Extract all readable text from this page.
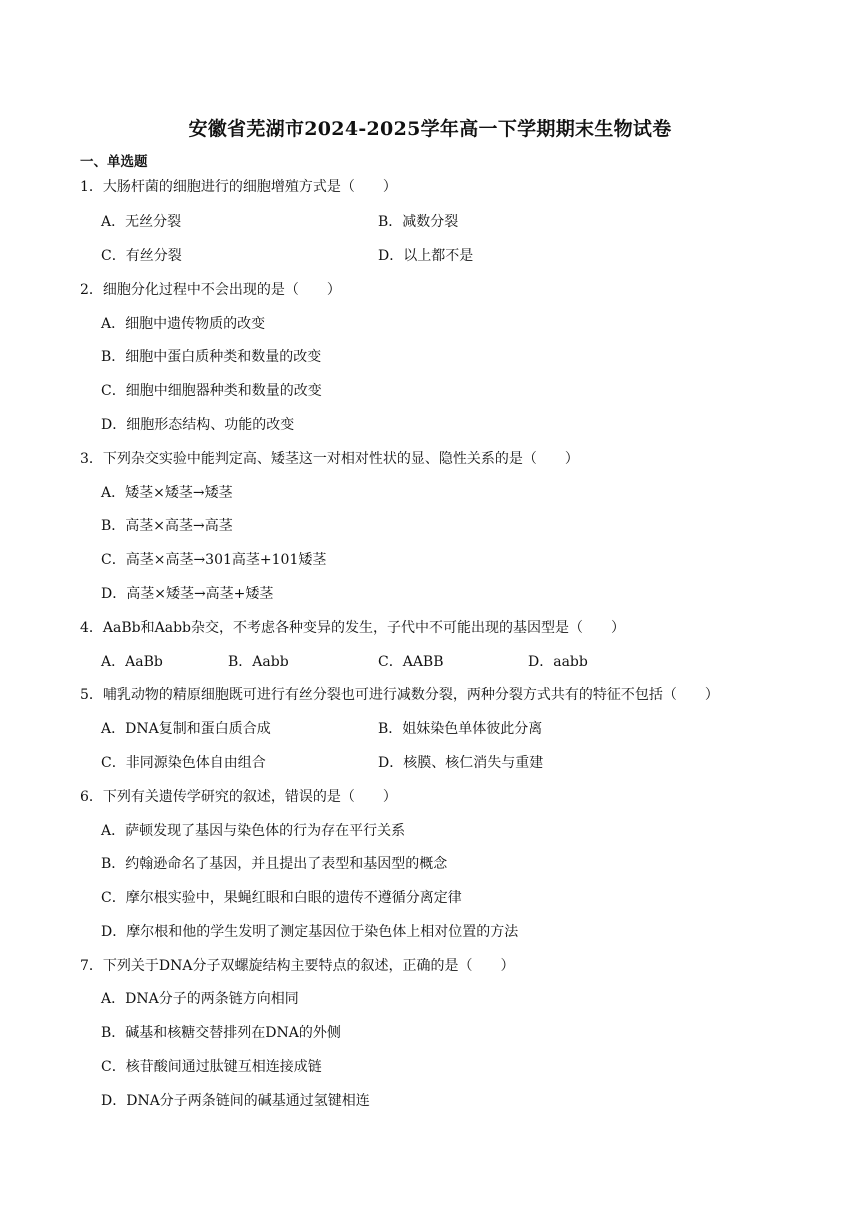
安徽省芜湖市2024-2025学年高一下学期期末生物试卷
一、单选题
1．大肠杆菌的细胞进行的细胞增殖方式是（　　）
A．无丝分裂	B．减数分裂
C．有丝分裂	D．以上都不是
2．细胞分化过程中不会出现的是（　　）
A．细胞中遗传物质的改变
B．细胞中蛋白质种类和数量的改变
C．细胞中细胞器种类和数量的改变
D．细胞形态结构、功能的改变
3．下列杂交实验中能判定高、矮茎这一对相对性状的显、隐性关系的是（　　）
A．矮茎×矮茎→矮茎
B．高茎×高茎→高茎
C．高茎×高茎→301高茎+101矮茎
D．高茎×矮茎→高茎+矮茎
4．AaBb和Aabb杂交，不考虑各种变异的发生，子代中不可能出现的基因型是（　　）
A．AaBb	B．Aabb	C．AABB	D．aabb
5．哺乳动物的精原细胞既可进行有丝分裂也可进行减数分裂，两种分裂方式共有的特征不包括（　　）
A．DNA复制和蛋白质合成	B．姐妹染色单体彼此分离
C．非同源染色体自由组合	D．核膜、核仁消失与重建
6．下列有关遗传学研究的叙述，错误的是（　　）
A．萨顿发现了基因与染色体的行为存在平行关系
B．约翰逊命名了基因，并且提出了表型和基因型的概念
C．摩尔根实验中，果蝇红眼和白眼的遗传不遵循分离定律
D．摩尔根和他的学生发明了测定基因位于染色体上相对位置的方法
7．下列关于DNA分子双螺旋结构主要特点的叙述，正确的是（　　）
A．DNA分子的两条链方向相同
B．碱基和核糖交替排列在DNA的外侧
C．核苷酸间通过肽键互相连接成链
D．DNA分子两条链间的碱基通过氢键相连
